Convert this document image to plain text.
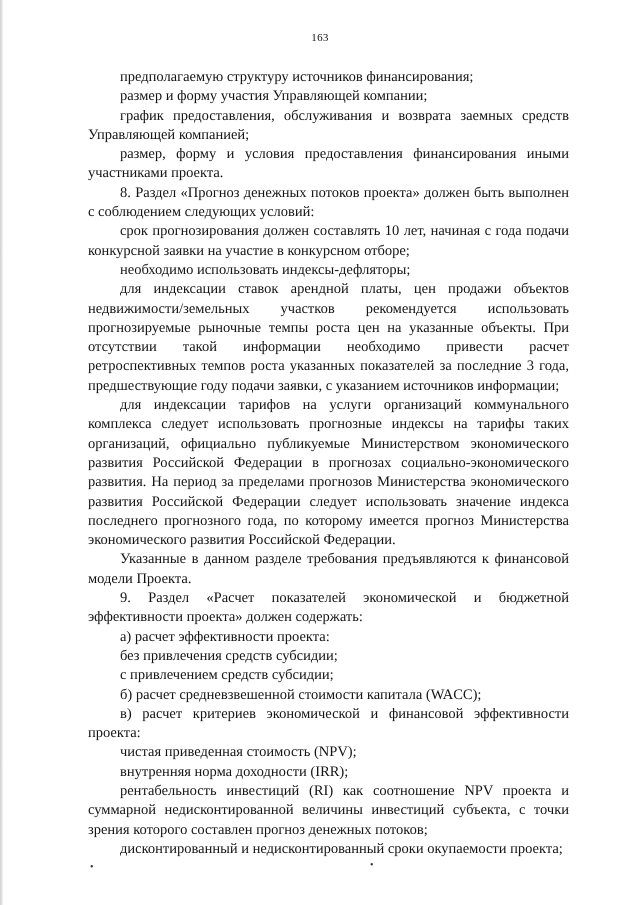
163

предполагаемую структуру источников финансирования;

размер и форму участия Управляющей компании;

график предоставления, обслуживания и возврата заемных средств Управляющей компанией;

размер, форму и условия предоставления финансирования иными участниками проекта.

8. Раздел «Прогноз денежных потоков проекта» должен быть выполнен с соблюдением следующих условий:

срок прогнозирования должен составлять 10 лет, начиная с года подачи конкурсной заявки на участие в конкурсном отборе;

необходимо использовать индексы-дефляторы;

для индексации ставок арендной платы, цен продажи объектов недвижимости/земельных участков рекомендуется использовать прогнозируемые рыночные темпы роста цен на указанные объекты. При отсутствии такой информации необходимо привести расчет ретроспективных темпов роста указанных показателей за последние 3 года, предшествующие году подачи заявки, с указанием источников информации;

для индексации тарифов на услуги организаций коммунального комплекса следует использовать прогнозные индексы на тарифы таких организаций, официально публикуемые Министерством экономического развития Российской Федерации в прогнозах социально-экономического развития. На период за пределами прогнозов Министерства экономического развития Российской Федерации следует использовать значение индекса последнего прогнозного года, по которому имеется прогноз Министерства экономического развития Российской Федерации.

Указанные в данном разделе требования предъявляются к финансовой модели Проекта.

9. Раздел «Расчет показателей экономической и бюджетной эффективности проекта» должен содержать:

а) расчет эффективности проекта:

без привлечения средств субсидии;

с привлечением средств субсидии;

б) расчет средневзвешенной стоимости капитала (WACC);

в) расчет критериев экономической и финансовой эффективности проекта:

чистая приведенная стоимость (NPV);

внутренняя норма доходности (IRR);

рентабельность инвестиций (RI) как соотношение NPV проекта и суммарной недисконтированной величины инвестиций субъекта, с точки зрения которого составлен прогноз денежных потоков;

дисконтированный и недисконтированный сроки окупаемости проекта;

•	•
